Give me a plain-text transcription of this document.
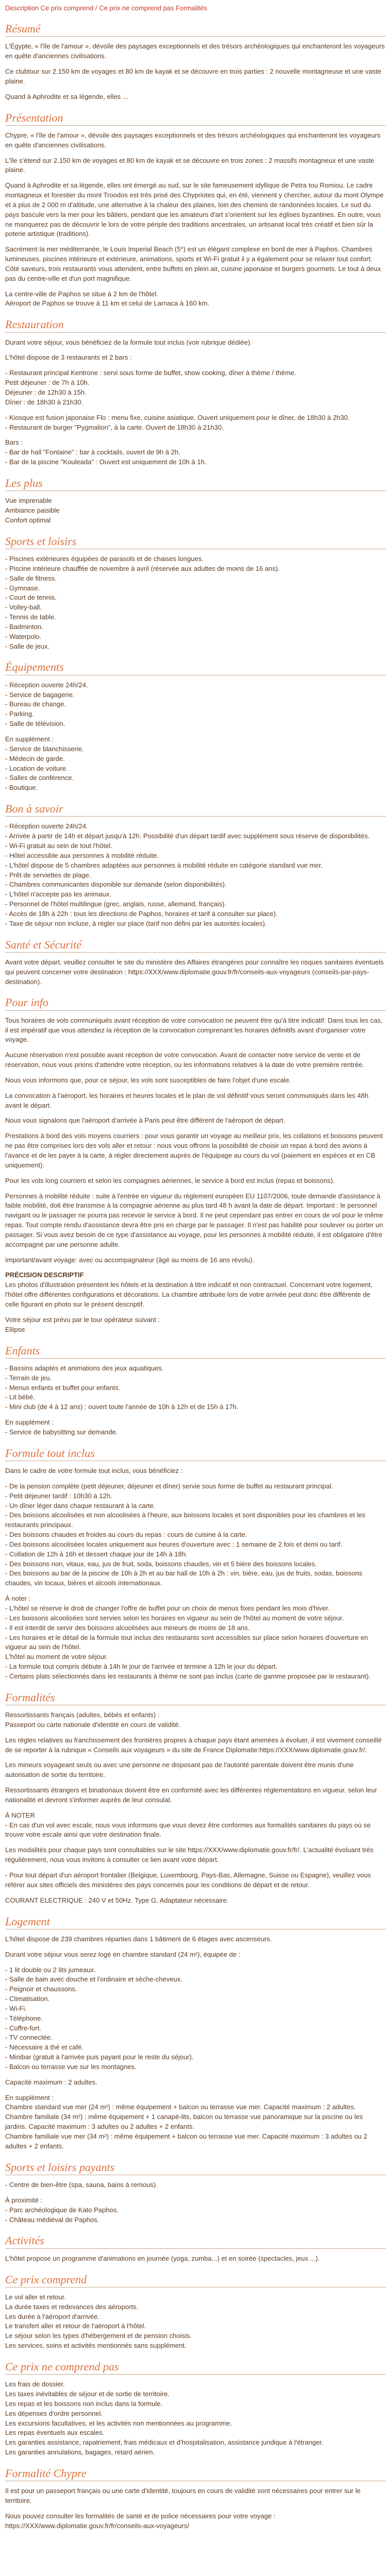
Description Ce prix comprend / Ce prix ne comprend pas Formalités
Résumé

L'Égypte, « l'île de l'amour », dévoile des paysages exceptionnels et des trésors archéologiques qui enchanteront les voyageurs en quête d'anciennes civilisations.

Ce clubtour sur 2.150 km de voyages et 80 km de kayak et se découvre en trois parties : 2 nouvelle montagneuse et une vaste plaine.

Quand à Aphrodite et sa légende, elles ...

Présentation

Chypre, « l'île de l'amour », dévoile des paysages exceptionnels et des trésors archéologiques qui enchanteront les voyageurs en quête d'anciennes civilisations.

L'île s'étend sur 2.150 km de voyages et 80 km de kayak et se découvre en trois zones : 2 massifs montagneux et une vaste plaine.

Quand à Aphrodite et sa légende, elles ont émergé au sud, sur le site fameusement idyllique de Petra tou Romiou. Le cadre montagneux et forestier du mont Troodos est très prisé des Chypriotes qui, en été, viennent y chercher, autour du mont Olympe et à plus de 2 000 m d'altitude, une alternative à la chaleur des plaines, loin des chemins de randonnées locales. Le sud du pays bascule vers la mer pour les bâtiers, pendant que les amateurs d'art s'orientent sur les églises byzantines. En outre, vous ne manquerez pas de découvrir le lors de votre périple des traditions ancestrales, un artisanat local très créatif et bien sûr la poterie artistique (traditions).

Sacrément la mer méditerranée, le Louis Imperial Beach (5*) est un élégant complexe en bord de mer à Paphos. Chambres lumineuses, piscines intérieure et extérieure, animations, sports et Wi-Fi gratuit il y a également pour se relaxer tout confort. Côté saveurs, trois restaurants vous attendent, entre buffets en plein air, cuisine japonaise et burgers gourmets. Le tout à deux pas du centre-ville et d'un port magnifique.

La centre-ville de Paphos se situe à 2 km de l'hôtel.

Aéroport de Paphos se trouve à 11 km et celui de Larnaca à 160 km.

Restauration

Durant votre séjour, vous bénéficiez de la formule tout inclus (voir rubrique dédiée).

L'hôtel dispose de 3 restaurants et 2 bars :

- Restaurant principal Kentrone : servi sous forme de buffet, show cooking, dîner à thème / thème.
Petit déjeuner : de 7h à 10h.
Déjeuner : de 12h30 à 15h.
Dîner : de 18h30 à 21h30.
- Kiosque est fusion japonaise Flo : menu fixe, cuisine asiatique. Ouvert uniquement pour le dîner, de 18h30 à 2h30.
- Restaurant de burger "Pygmalion", à la carte. Ouvert de 18h30 à 21h30.
Bars :
- Bar de hall "Fontaine" : bar à cocktails, ouvert de 9h à 2h.
- Bar de la piscine "Kouleada" : Ouvert est uniquement de 10h à 1h.
Les plus
Vue imprenable
Ambiance paisible
Confort optimal
Sports et loisirs
- Piscines extérieures équipées de parasols et de chaises longues.
- Piscine intérieure chauffée de novembre à avril (réservée aux adultes de moins de 16 ans).
- Salle de fitness.
- Gymnase.
- Court de tennis.
- Volley-ball.
- Tennis de table.
- Badminton.
- Waterpolo.
- Salle de jeux.
Équipements
- Réception ouverte 24h/24.
- Service de bagagerie.
- Bureau de change.
- Parking.
- Salle de télévision.
En supplément :
- Service de blanchisserie.
- Médecin de garde.
- Location de voiture.
- Salles de conférence.
- Boutique.
Bon à savoir
- Réception ouverte 24h/24.
- Arrivée à partir de 14h et départ jusqu'à 12h. Possibilité d'un départ tardif avec supplément sous réserve de disponibilités.
- Wi-Fi gratuit au sein de tout l'hôtel.
- Hôtel accessible aux personnes à mobilité réduite.
- L'hôtel dispose de 5 chambres adaptées aux personnes à mobilité réduite en catégorie standard vue mer.
- Prêt de serviettes de plage.
- Chambres communicantes disponible sur demande (selon disponibilités).
- L'hôtel n'accepte pas les animaux.
- Personnel de l'hôtel multilingue (grec, anglais, russe, allemand, français).
- Accès de 18h à 22h : tous les directions de Paphos, horaires et tarif à consulter sur place).
- Taxe de séjour non incluse, à régler sur place (tarif non défini par les autorités locales).
Santé et Sécurité

Avant votre départ, veuillez consulter le site du ministère des Affaires étrangères pour connaître les risques sanitaires éventuels qui peuvent concerner votre destination : https://XXX/www.diplomatie.gouv.fr/fr/conseils-aux-voyageurs (conseils-par-pays-destination).

Pour info

Tous horaires de vols communiqués avant réception de votre convocation ne peuvent être qu'à titre indicatif. Dans tous les cas, il est impératif que vous attendiez la réception de la convocation comprenant les horaires définitifs avant d'organiser votre voyage.

Aucune réservation n'est possible avant réception de votre convocation. Avant de contacter notre service de vente et de réservation, nous vous prions d'attendre votre réception, ou les informations relatives à la date de votre première rentrée.

Nous vous informons que, pour ce séjour, les vols sont susceptibles de faire l'objet d'une escale.

La convocation à l'aéroport, les horaires et heures locales et le plan de vol définitif vous seront communiqués dans les 48h avant le départ.

Nous vous signalons que l'aéroport d'arrivée à Paris peut être différent de l'aéroport de départ.

Prestations à bord des vols moyens courriers : pour vous garantir un voyage au meilleur prix, les collations et boissons peuvent ne pas être comprises lors des vols aller et retour : nous vous offrons la possibilité de choisir un repas à bord des avions à l'avance et de les payer à la carte, à régler directement auprès de l'équipage au cours du vol (paiement en espèces et en CB uniquement).

Pour les vols long courriers et selon les compagnies aériennes, le service à bord est inclus (repas et boissons).

Personnes à mobilité réduite : suite à l'entrée en vigueur du règlement européen EU 1107/2006, toute demande d'assistance à faible mobilité, doit être transmise à la compagnie aérienne au plus tard 48 h avant la date de départ. Important : le personnel navigant ou le passager ne pourra pas recevoir le service à bord. Il ne peut cependant pas entrer en cours de vol pour le même repas. Tout compte rendu d'assistance devra être pris en charge par le passager. Il n'est pas habilité pour soulever ou porter un passager. Si vous avez besoin de ce type d'assistance au voyage, pour les personnes à mobilité réduite, il est obligatoire d'être accompagné par une personne adulte.

Important/avant voyage: avec ou accompagnateur (âgé au moins de 16 ans révolu).

PRÉCISION DESCRIPTIF

Les photos d'illustration présentent les hôtels et la destination à titre indicatif et non contractuel. Concernant votre logement, l'hôtel offre différentes configurations et décorations. La chambre attribuée lors de votre arrivée peut donc être différente de celle figurant en photo sur le présent descriptif.

Votre séjour est prévu par le tour opérateur suivant :

Ellipse

Enfants
- Bassins adaptés et animations des jeux aquatiques.
- Terrain de jeu.
- Menus enfants et buffet pour enfants.
- Lit bébé.
- Mini club (de 4 à 12 ans) : ouvert toute l'année de 10h à 12h et de 15h à 17h.
En supplément :
- Service de babysitting sur demande.
Formule tout inclus

Dans le cadre de votre formule tout inclus, vous bénéficiez :

- De la pension complète (petit déjeuner, déjeuner et dîner) servie sous forme de buffet au restaurant principal.
- Petit déjeuner tardif : 10h30 à 12h.
- Un dîner léger dans chaque restaurant à la carte.
- Des boissons alcoolisées et non alcoolisées à l'heure, aux boissons locales et sont disponibles pour les chambres et les restaurants principaux.
- Des boissons chaudes et froides au cours du repas : cours de cuisine à la carte.
- Des boissons alcoolisées locales uniquement aux heures d'ouverture avec : 1 semaine de 2 fois et demi ou tarif.
- Collation de 12h à 16h et dessert chaque jour de 14h à 18h.
- Des boissons non, vitaux, eau, jus de fruit, soda, boissons chaudes, vin et 5 bière des boissons locales.
- Des boissons au bar de la piscine de 10h à 2h et au bar hall de 10h à 2h : vin, bière, eau, jus de fruits, sodas, boissons chaudes, vin locaux, bières et alcools internationaux.
À noter :
- L'hôtel se réserve le droit de changer l'offre de buffet pour un choix de menus fixes pendant les mois d'hiver.
- Les boissons alcoolisées sont servies selon les horaires en vigueur au sein de l'hôtel au moment de votre séjour.
- Il est interdit de servir des boissons alcoolisées aux mineurs de moins de 18 ans.
- Les horaires et le détail de la formule tout inclus des restaurants sont accessibles sur place selon horaires d'ouverture en vigueur au sein de l'hôtel.
L'hôtel au moment de votre séjour.
- La formule tout compris débute à 14h le jour de l'arrivée et termine à 12h le jour du départ.
- Certains plats sélectionnés dans les restaurants à thème ne sont pas inclus (carte de gamme proposée par le restaurant).
Formalités
Ressortissants français (adultes, bébés et enfants) :

Passeport ou carte nationale d'identité en cours de validité.

Les règles relatives au franchissement des frontières propres à chaque pays étant amenées à évoluer, il est vivement conseillé de se reporter à la rubrique « Conseils aux voyageurs » du site de France Diplomatie:https://XXX/www.diplomatie.gouv.fr/.

Les mineurs voyageant seuls ou avec une personne ne disposant pas de l'autorité parentale doivent être munis d'une autorisation de sortie du territoire.

Ressortissants étrangers et binationaux doivent être en conformité avec les différentes réglementations en vigueur, selon leur nationalité et devront s'informer auprès de leur consulat.

À NOTER

- En cas d'un vol avec escale, nous vous informons que vous devez être conformes aux formalités sanitaires du pays où se trouve votre escale ainsi que votre destination finale.

Les modalités pour chaque pays sont consultables sur le site https://XXX/www.diplomatie.gouv.fr/fr/. L'actualité évoluant très régulièrement, nous vous invitons à consulter ce lien avant votre départ.

- Pour tout départ d'un aéroport frontalier (Belgique, Luxembourg, Pays-Bas, Allemagne, Suisse ou Espagne), veuillez vous référer aux sites officiels des ministères des pays concernés pour les conditions de départ et de retour.

COURANT ELECTRIQUE : 240 V et 50Hz. Type G. Adaptateur nécessaire.

Logement

L'hôtel dispose de 239 chambres réparties dans 1 bâtiment de 6 étages avec ascenseurs.

Durant votre séjour vous serez logé en chambre standard (24 m²), équipée de :

- 1 lit double ou 2 lits jumeaux.
- Salle de bain avec douche et l'ordinaire et sèche-cheveux.
- Peignoir et chaussons.
- Climatisation.
- Wi-Fi.
- Téléphone.
- Coffre-fort.
- TV connectée.
- Nécessaire à thé et café.
- Minibar (gratuit à l'arrivée puis payant pour le reste du séjour).
- Balcon ou terrasse vue sur les montagnes.

Capacité maximum : 2 adultes.

En supplément :
Chambre standard vue mer (24 m²) : même équipement + balcon ou terrasse vue mer. Capacité maximum : 2 adultes.
Chambre familiale (34 m²) : même équipement + 1 canapé-lits, balcon ou terrasse vue panoramique sur la piscine ou les jardins. Capacité maximum : 3 adultes ou 2 adultes + 2 enfants.
Chambre familiale vue mer (34 m²) : même équipement + balcon ou terrasse vue mer. Capacité maximum : 3 adultes ou 2 adultes + 2 enfants.
Sports et loisirs payants
- Centre de bien-être (spa, sauna, bains à remous).
À proximité :
- Parc archéologique de Kato Paphos.
- Château médiéval de Paphos.
Activités

L'hôtel propose un programme d'animations en journée (yoga, zumba...) et en soirée (spectacles, jeux ...).

Ce prix comprend
Le vol aller et retour.
La durée taxes et redevances des aéroports.
Les durée à l'aéroport d'arrivée.
Le transfert aller et retour de l'aéroport à l'hôtel.
Le séjour selon les types d'hébergement et de pension choisis.
Les services, soins et activités mentionnés sans supplément.
Ce prix ne comprend pas
Les frais de dossier.
Les taxes inévitables de séjour et de sortie de territoire.
Les repas et les boissons non inclus dans la formule.
Les dépenses d'ordre personnel.
Les excursions facultatives, et les activités non mentionnées au programme.
Les repas éventuels aux escales.
Les garanties assistance, rapatriement, frais médicaux et d'hospitalisation, assistance juridique à l'étranger.
Les garanties annulations, bagages, retard aérien.
Formalité Chypre

Il est pour un passeport français ou une carte d'identité, toujours en cours de validité sont nécessaires pour entrer sur le territoire.

Nous pouvez consulter les formalités de santé et de police nécessaires pour votre voyage : https://XXX/www.diplomatie.gouv.fr/fr/conseils-aux-voyageurs/
